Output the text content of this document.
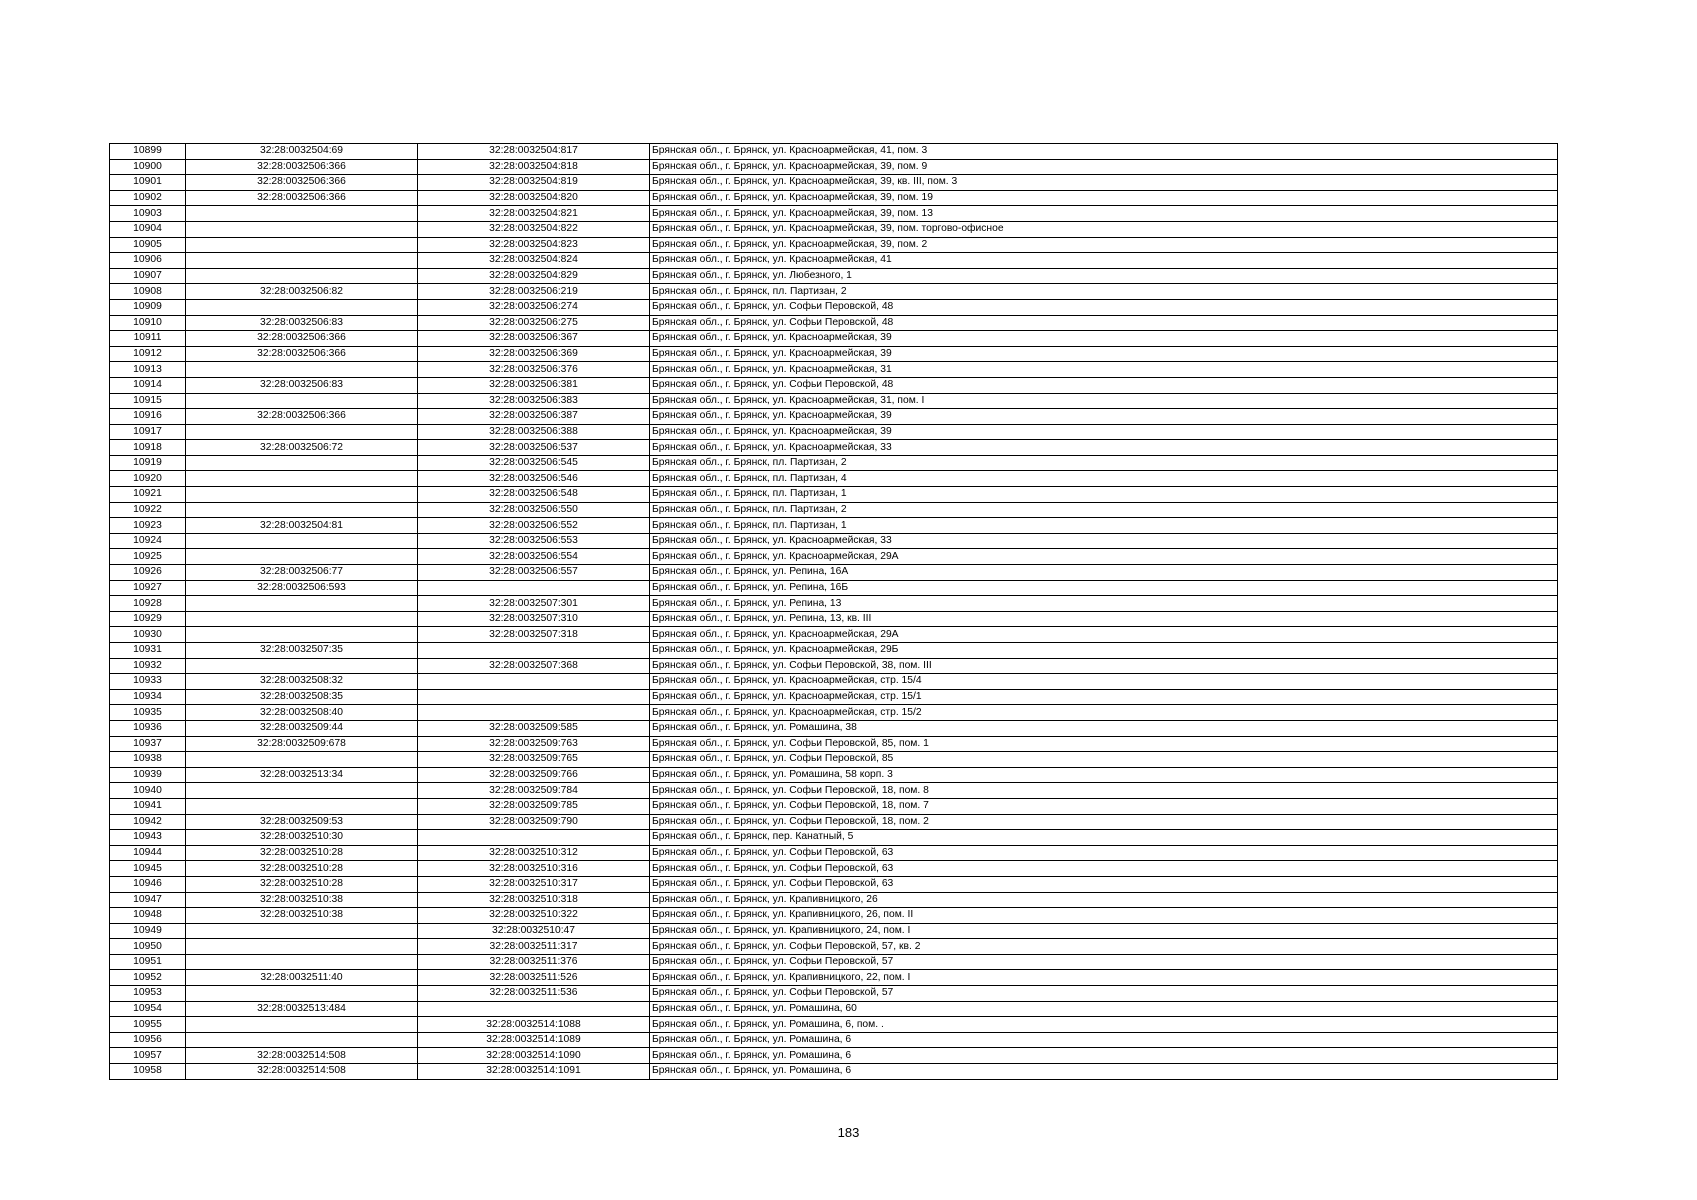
10899	32:28:0032504:69	32:28:0032504:817	Брянская обл., г. Брянск, ул. Красноармейская, 41, пом. 3
10900	32:28:0032506:366	32:28:0032504:818	Брянская обл., г. Брянск, ул. Красноармейская, 39, пом. 9
10901	32:28:0032506:366	32:28:0032504:819	Брянская обл., г. Брянск, ул. Красноармейская, 39, кв. III, пом. 3
10902	32:28:0032506:366	32:28:0032504:820	Брянская обл., г. Брянск, ул. Красноармейская, 39, пом. 19
10903		32:28:0032504:821	Брянская обл., г. Брянск, ул. Красноармейская, 39, пом. 13
10904		32:28:0032504:822	Брянская обл., г. Брянск, ул. Красноармейская, 39, пом. торгово-офисное
10905		32:28:0032504:823	Брянская обл., г. Брянск, ул. Красноармейская, 39, пом. 2
10906		32:28:0032504:824	Брянская обл., г. Брянск, ул. Красноармейская, 41
10907		32:28:0032504:829	Брянская обл., г. Брянск, ул. Любезного, 1
10908	32:28:0032506:82	32:28:0032506:219	Брянская обл., г. Брянск, пл. Партизан, 2
10909		32:28:0032506:274	Брянская обл., г. Брянск, ул. Софьи Перовской, 48
10910	32:28:0032506:83	32:28:0032506:275	Брянская обл., г. Брянск, ул. Софьи Перовской, 48
10911	32:28:0032506:366	32:28:0032506:367	Брянская обл., г. Брянск, ул. Красноармейская, 39
10912	32:28:0032506:366	32:28:0032506:369	Брянская обл., г. Брянск, ул. Красноармейская, 39
10913		32:28:0032506:376	Брянская обл., г. Брянск, ул. Красноармейская, 31
10914	32:28:0032506:83	32:28:0032506:381	Брянская обл., г. Брянск, ул. Софьи Перовской, 48
10915		32:28:0032506:383	Брянская обл., г. Брянск, ул. Красноармейская, 31, пом. I
10916	32:28:0032506:366	32:28:0032506:387	Брянская обл., г. Брянск, ул. Красноармейская, 39
10917		32:28:0032506:388	Брянская обл., г. Брянск, ул. Красноармейская, 39
10918	32:28:0032506:72	32:28:0032506:537	Брянская обл., г. Брянск, ул. Красноармейская, 33
10919		32:28:0032506:545	Брянская обл., г. Брянск, пл. Партизан, 2
10920		32:28:0032506:546	Брянская обл., г. Брянск, пл. Партизан, 4
10921		32:28:0032506:548	Брянская обл., г. Брянск, пл. Партизан, 1
10922		32:28:0032506:550	Брянская обл., г. Брянск, пл. Партизан, 2
10923	32:28:0032504:81	32:28:0032506:552	Брянская обл., г. Брянск, пл. Партизан, 1
10924		32:28:0032506:553	Брянская обл., г. Брянск, ул. Красноармейская, 33
10925		32:28:0032506:554	Брянская обл., г. Брянск, ул. Красноармейская, 29А
10926	32:28:0032506:77	32:28:0032506:557	Брянская обл., г. Брянск, ул. Репина, 16А
10927	32:28:0032506:593		Брянская обл., г. Брянск, ул. Репина, 16Б
10928		32:28:0032507:301	Брянская обл., г. Брянск, ул. Репина, 13
10929		32:28:0032507:310	Брянская обл., г. Брянск, ул. Репина, 13, кв. III
10930		32:28:0032507:318	Брянская обл., г. Брянск, ул. Красноармейская, 29А
10931	32:28:0032507:35		Брянская обл., г. Брянск, ул. Красноармейская, 29Б
10932		32:28:0032507:368	Брянская обл., г. Брянск, ул. Софьи Перовской, 38, пом. III
10933	32:28:0032508:32		Брянская обл., г. Брянск, ул. Красноармейская, стр. 15/4
10934	32:28:0032508:35		Брянская обл., г. Брянск, ул. Красноармейская, стр. 15/1
10935	32:28:0032508:40		Брянская обл., г. Брянск, ул. Красноармейская, стр. 15/2
10936	32:28:0032509:44	32:28:0032509:585	Брянская обл., г. Брянск, ул. Ромашина, 38
10937	32:28:0032509:678	32:28:0032509:763	Брянская обл., г. Брянск, ул. Софьи Перовской, 85, пом. 1
10938		32:28:0032509:765	Брянская обл., г. Брянск, ул. Софьи Перовской, 85
10939	32:28:0032513:34	32:28:0032509:766	Брянская обл., г. Брянск, ул. Ромашина, 58 корп. 3
10940		32:28:0032509:784	Брянская обл., г. Брянск, ул. Софьи Перовской, 18, пом. 8
10941		32:28:0032509:785	Брянская обл., г. Брянск, ул. Софьи Перовской, 18, пом. 7
10942	32:28:0032509:53	32:28:0032509:790	Брянская обл., г. Брянск, ул. Софьи Перовской, 18, пом. 2
10943	32:28:0032510:30		Брянская обл., г. Брянск, пер. Канатный, 5
10944	32:28:0032510:28	32:28:0032510:312	Брянская обл., г. Брянск, ул. Софьи Перовской, 63
10945	32:28:0032510:28	32:28:0032510:316	Брянская обл., г. Брянск, ул. Софьи Перовской, 63
10946	32:28:0032510:28	32:28:0032510:317	Брянская обл., г. Брянск, ул. Софьи Перовской, 63
10947	32:28:0032510:38	32:28:0032510:318	Брянская обл., г. Брянск, ул. Крапивницкого, 26
10948	32:28:0032510:38	32:28:0032510:322	Брянская обл., г. Брянск, ул. Крапивницкого, 26, пом. II
10949		32:28:0032510:47	Брянская обл., г. Брянск, ул. Крапивницкого, 24, пом. I
10950		32:28:0032511:317	Брянская обл., г. Брянск, ул. Софьи Перовской, 57, кв. 2
10951		32:28:0032511:376	Брянская обл., г. Брянск, ул. Софьи Перовской, 57
10952	32:28:0032511:40	32:28:0032511:526	Брянская обл., г. Брянск, ул. Крапивницкого, 22, пом. I
10953		32:28:0032511:536	Брянская обл., г. Брянск, ул. Софьи Перовской, 57
10954	32:28:0032513:484		Брянская обл., г. Брянск, ул. Ромашина, 60
10955		32:28:0032514:1088	Брянская обл., г. Брянск, ул. Ромашина, 6, пом. .
10956		32:28:0032514:1089	Брянская обл., г. Брянск, ул. Ромашина, 6
10957	32:28:0032514:508	32:28:0032514:1090	Брянская обл., г. Брянск, ул. Ромашина, 6
10958	32:28:0032514:508	32:28:0032514:1091	Брянская обл., г. Брянск, ул. Ромашина, 6
183
